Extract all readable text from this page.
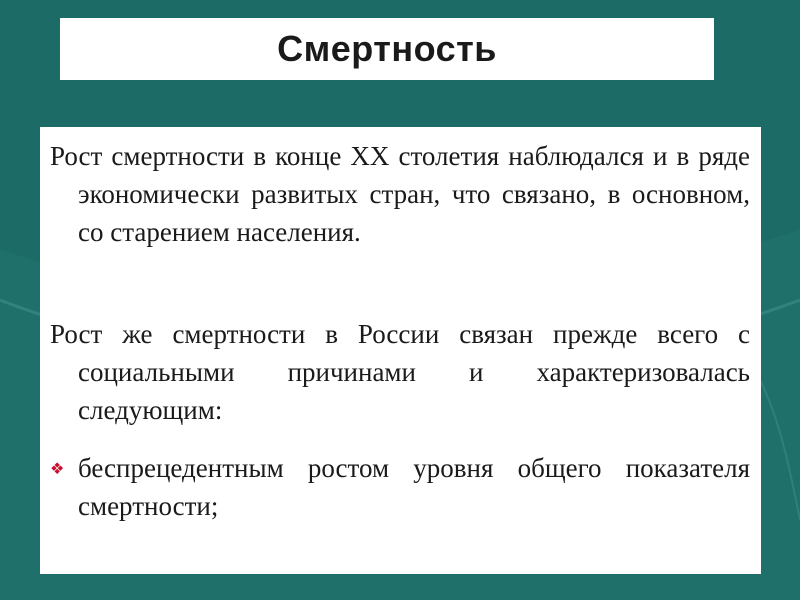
Смертность
Рост смертности в конце ХХ столетия наблюдался и в ряде экономически развитых стран, что связано, в основном, со старением населения.
Рост же смертности в России связан прежде всего с социальными причинами и характеризовалась следующим:
❖ беспрецедентным ростом уровня общего показателя смертности;
